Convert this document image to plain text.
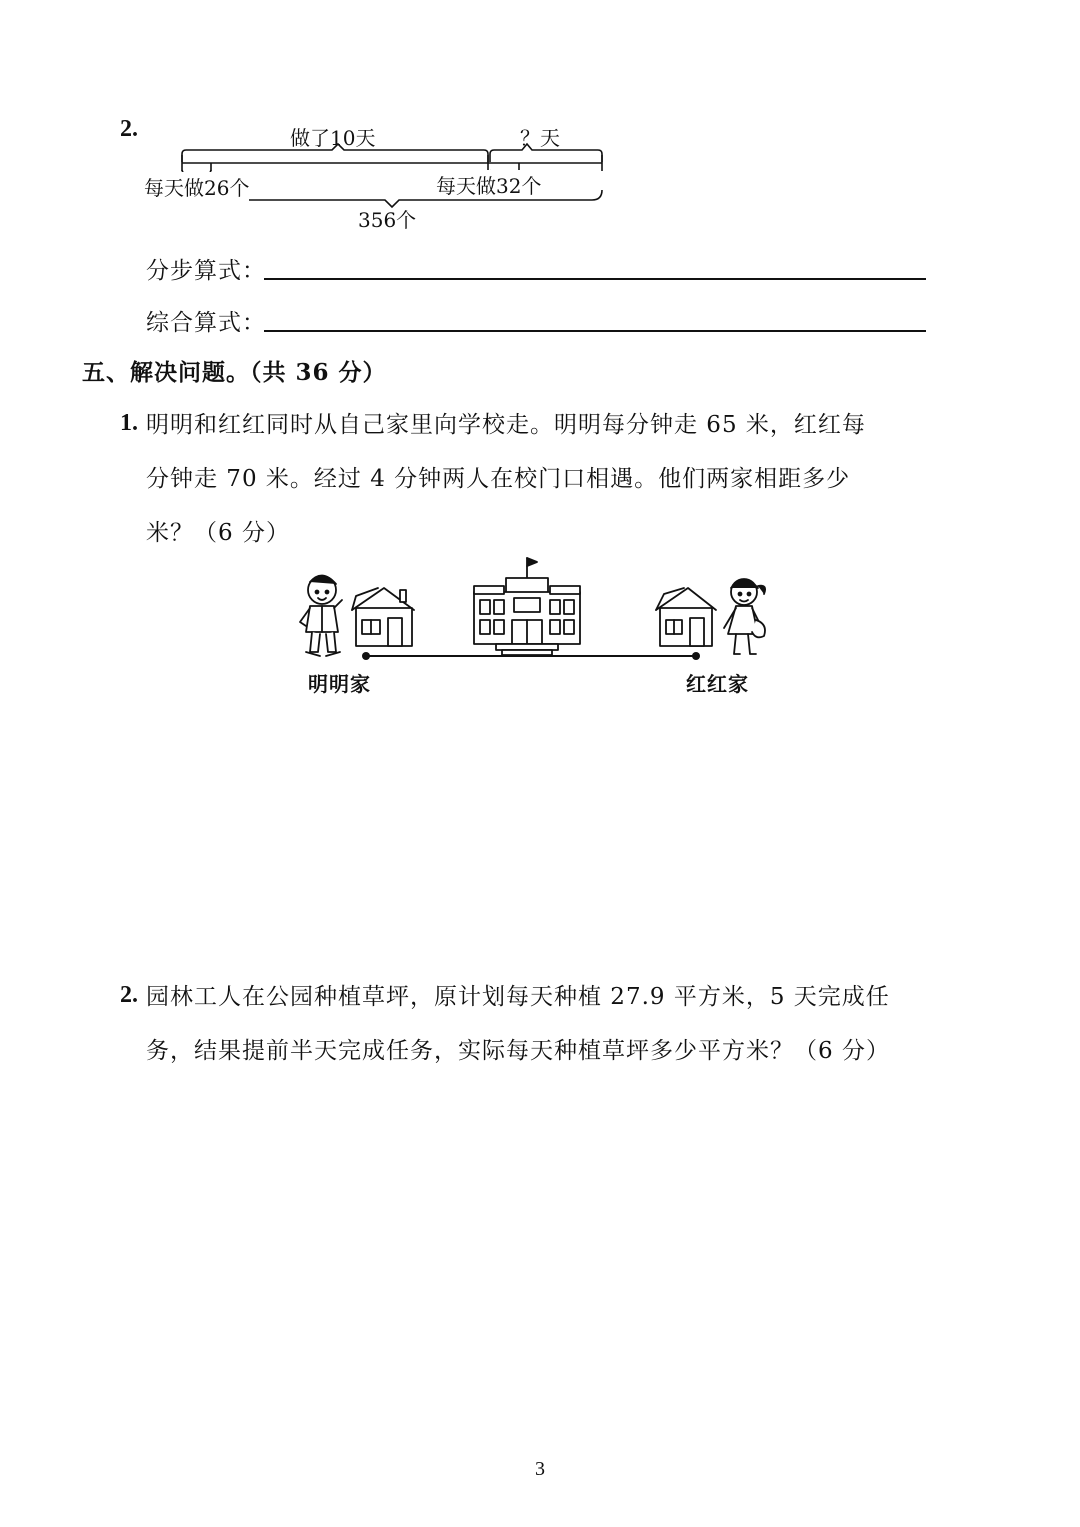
2.	做了10天	？天
每天做26个	每天做32个
356个
分步算式：
综合算式：
五、解决问题。（共 36 分）
1. 明明和红红同时从自己家里向学校走。明明每分钟走 65 米，红红每
分钟走 70 米。经过 4 分钟两人在校门口相遇。他们两家相距多少
米？（6 分）
明明家	红红家
2. 园林工人在公园种植草坪，原计划每天种植 27.9 平方米，5 天完成任
务，结果提前半天完成任务，实际每天种植草坪多少平方米？（6 分）
3
